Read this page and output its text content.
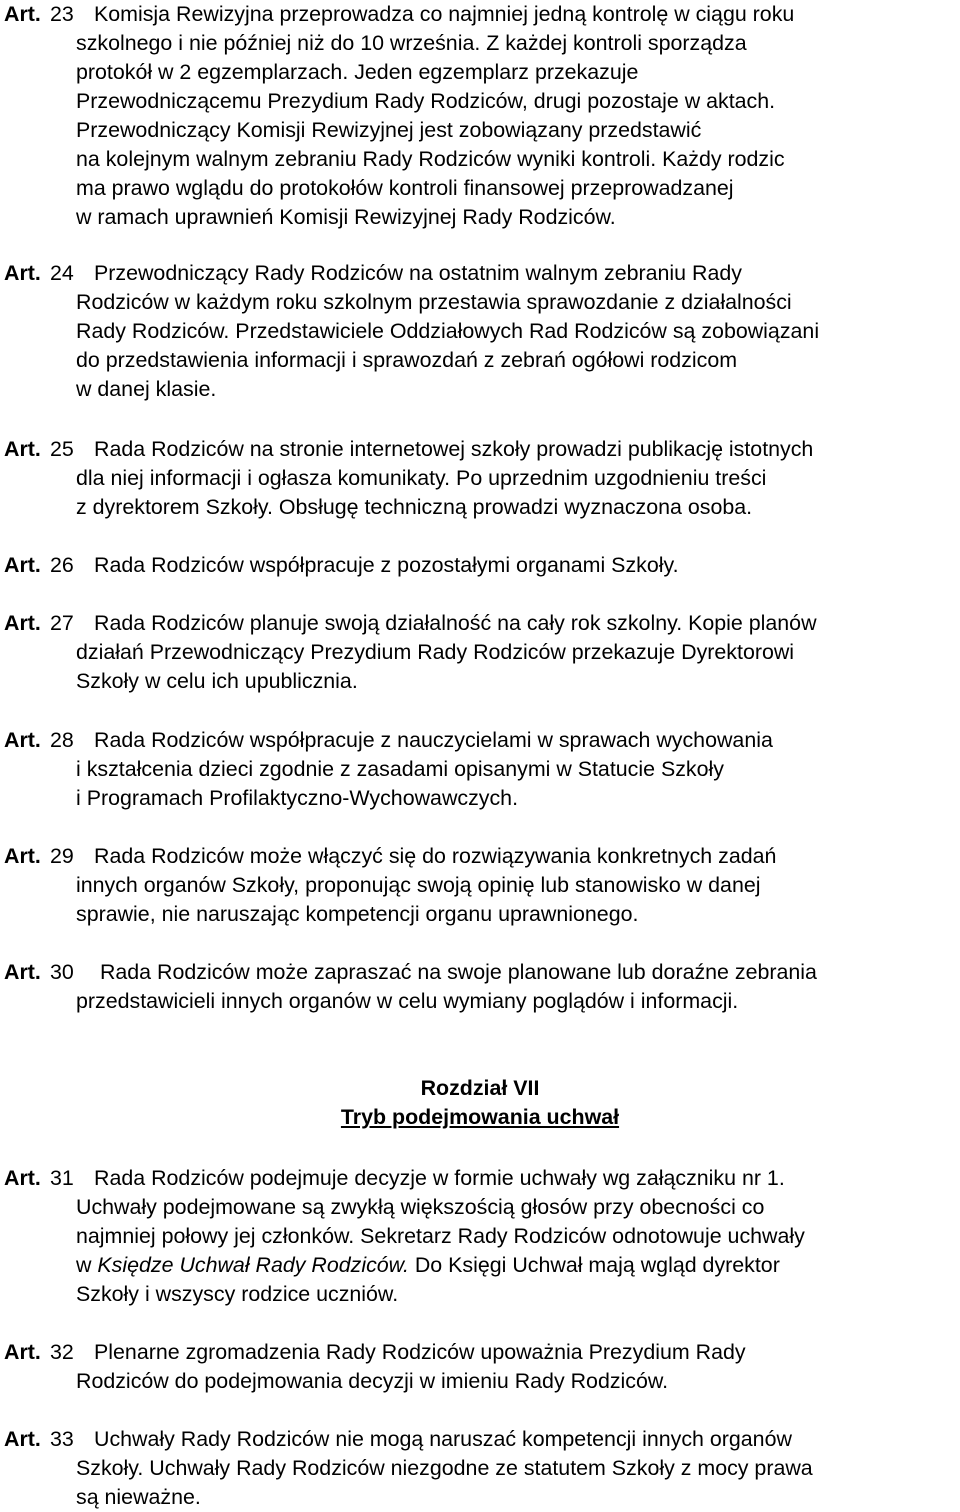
Art. 23 Komisja Rewizyjna przeprowadza co najmniej jedną kontrolę w ciągu roku
szkolnego i nie później niż do 10 września. Z każdej kontroli sporządza
protokół w 2 egzemplarzach. Jeden egzemplarz przekazuje
Przewodniczącemu Prezydium Rady Rodziców, drugi pozostaje w aktach.
Przewodniczący Komisji Rewizyjnej jest zobowiązany przedstawić
na kolejnym walnym zebraniu Rady Rodziców wyniki kontroli. Każdy rodzic
ma prawo wglądu do protokołów kontroli finansowej przeprowadzanej
w ramach uprawnień Komisji Rewizyjnej Rady Rodziców.
Art. 24 Przewodniczący Rady Rodziców na ostatnim walnym zebraniu Rady
Rodziców w każdym roku szkolnym przestawia sprawozdanie z działalności
Rady Rodziców. Przedstawiciele Oddziałowych Rad Rodziców są zobowiązani
do przedstawienia informacji i sprawozdań z zebrań ogółowi rodzicom
w danej klasie.
Art. 25 Rada Rodziców na stronie internetowej szkoły prowadzi publikację istotnych
dla niej informacji i ogłasza komunikaty. Po uprzednim uzgodnieniu treści
z dyrektorem Szkoły. Obsługę techniczną prowadzi wyznaczona osoba.
Art. 26 Rada Rodziców współpracuje z pozostałymi organami Szkoły.
Art. 27 Rada Rodziców planuje swoją działalność na cały rok szkolny. Kopie planów
działań Przewodniczący Prezydium Rady Rodziców przekazuje Dyrektorowi
Szkoły w celu ich upublicznia.
Art. 28 Rada Rodziców współpracuje z nauczycielami w sprawach wychowania
i kształcenia dzieci zgodnie z zasadami opisanymi w Statucie Szkoły
i Programach Profilaktyczno-Wychowawczych.
Art. 29 Rada Rodziców może włączyć się do rozwiązywania konkretnych zadań
innych organów Szkoły, proponując swoją opinię lub stanowisko w danej
sprawie, nie naruszając kompetencji organu uprawnionego.
Art. 30 Rada Rodziców może zapraszać na swoje planowane lub doraźne zebrania
przedstawicieli innych organów w celu wymiany poglądów i informacji.
Rozdział VII
Tryb podejmowania uchwał
Art. 31 Rada Rodziców podejmuje decyzje w formie uchwały wg załączniku nr 1.
Uchwały podejmowane są zwykłą większością głosów przy obecności co
najmniej połowy jej członków. Sekretarz Rady Rodziców odnotowuje uchwały
w Księdze Uchwał Rady Rodziców. Do Księgi Uchwał mają wgląd dyrektor
Szkoły i wszyscy rodzice uczniów.
Art. 32 Plenarne zgromadzenia Rady Rodziców upoważnia Prezydium Rady
Rodziców do podejmowania decyzji w imieniu Rady Rodziców.
Art. 33 Uchwały Rady Rodziców nie mogą naruszać kompetencji innych organów
Szkoły. Uchwały Rady Rodziców niezgodne ze statutem Szkoły z mocy prawa
są nieważne.
